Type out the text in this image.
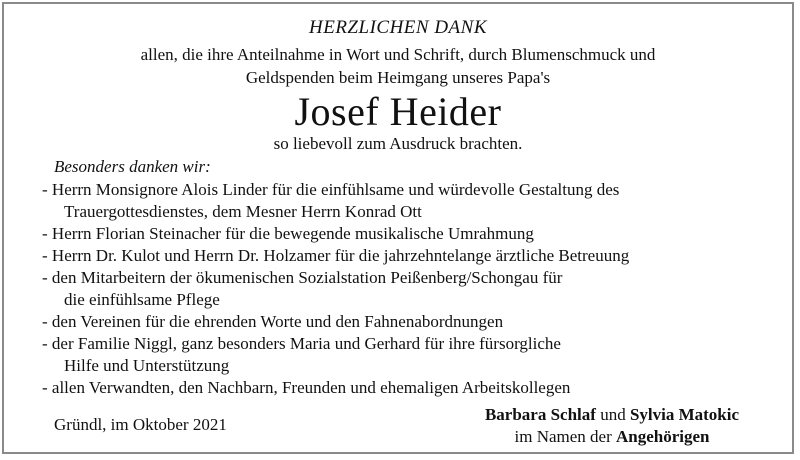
HERZLICHEN DANK
allen, die ihre Anteilnahme in Wort und Schrift, durch Blumenschmuck und
Geldspenden beim Heimgang unseres Papa's
Josef Heider
so liebevoll zum Ausdruck brachten.
Besonders danken wir:
- Herrn Monsignore Alois Linder für die einfühlsame und würdevolle Gestaltung des
Trauergottesdienstes, dem Mesner Herrn Konrad Ott
- Herrn Florian Steinacher für die bewegende musikalische Umrahmung
- Herrn Dr. Kulot und Herrn Dr. Holzamer für die jahrzehntelange ärztliche Betreuung
- den Mitarbeitern der ökumenischen Sozialstation Peißenberg/Schongau für
die einfühlsame Pflege
- den Vereinen für die ehrenden Worte und den Fahnenabordnungen
- der Familie Niggl, ganz besonders Maria und Gerhard für ihre fürsorgliche
Hilfe und Unterstützung
- allen Verwandten, den Nachbarn, Freunden und ehemaligen Arbeitskollegen
Gründl, im Oktober 2021
Barbara Schlaf und Sylvia Matokic
im Namen der Angehörigen
